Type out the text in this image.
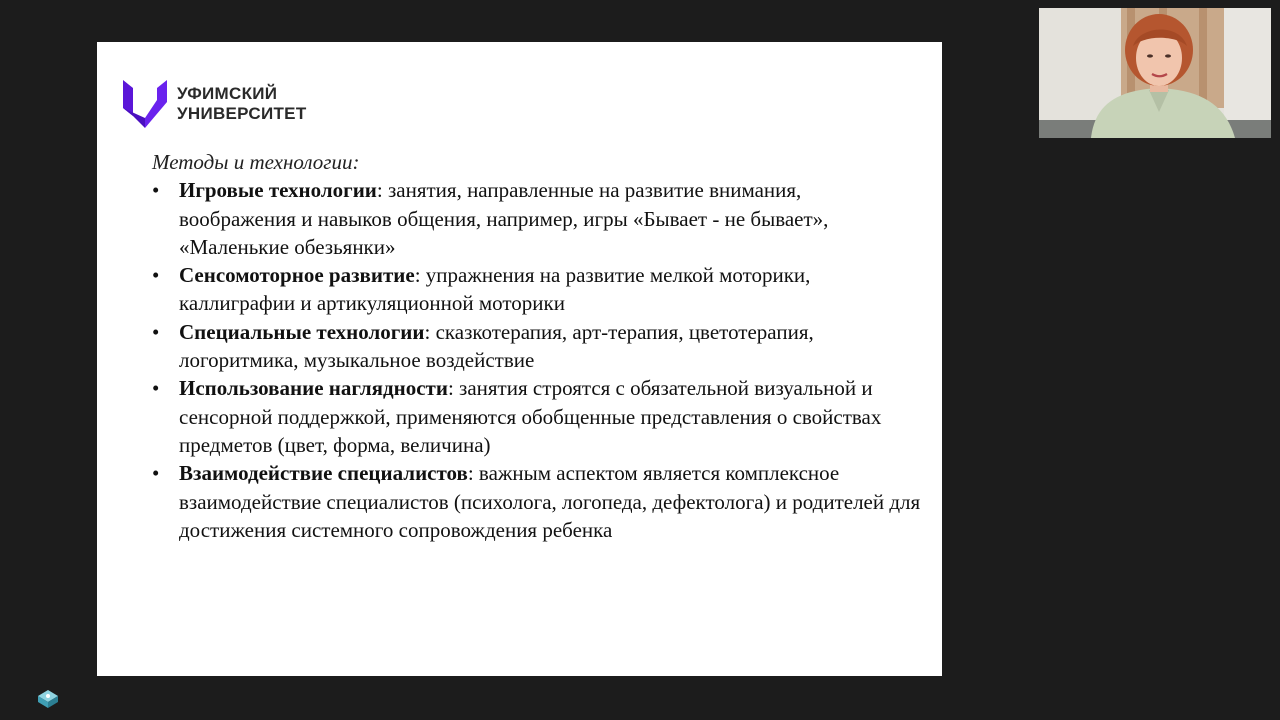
УФИМСКИЙ
УНИВЕРСИТЕТ
Методы и технологии:
• Игровые технологии: занятия, направленные на развитие внимания, воображения и навыков общения, например, игры «Бывает - не бывает», «Маленькие обезьянки»
• Сенсомоторное развитие: упражнения на развитие мелкой моторики, каллиграфии и артикуляционной моторики
• Специальные технологии: сказкотерапия, арт-терапия, цветотерапия, логоритмика, музыкальное воздействие
• Использование наглядности: занятия строятся с обязательной визуальной и сенсорной поддержкой, применяются обобщенные представления о свойствах предметов (цвет, форма, величина)
• Взаимодействие специалистов: важным аспектом является комплексное взаимодействие специалистов (психолога, логопеда, дефектолога) и родителей для достижения системного сопровождения ребенка
